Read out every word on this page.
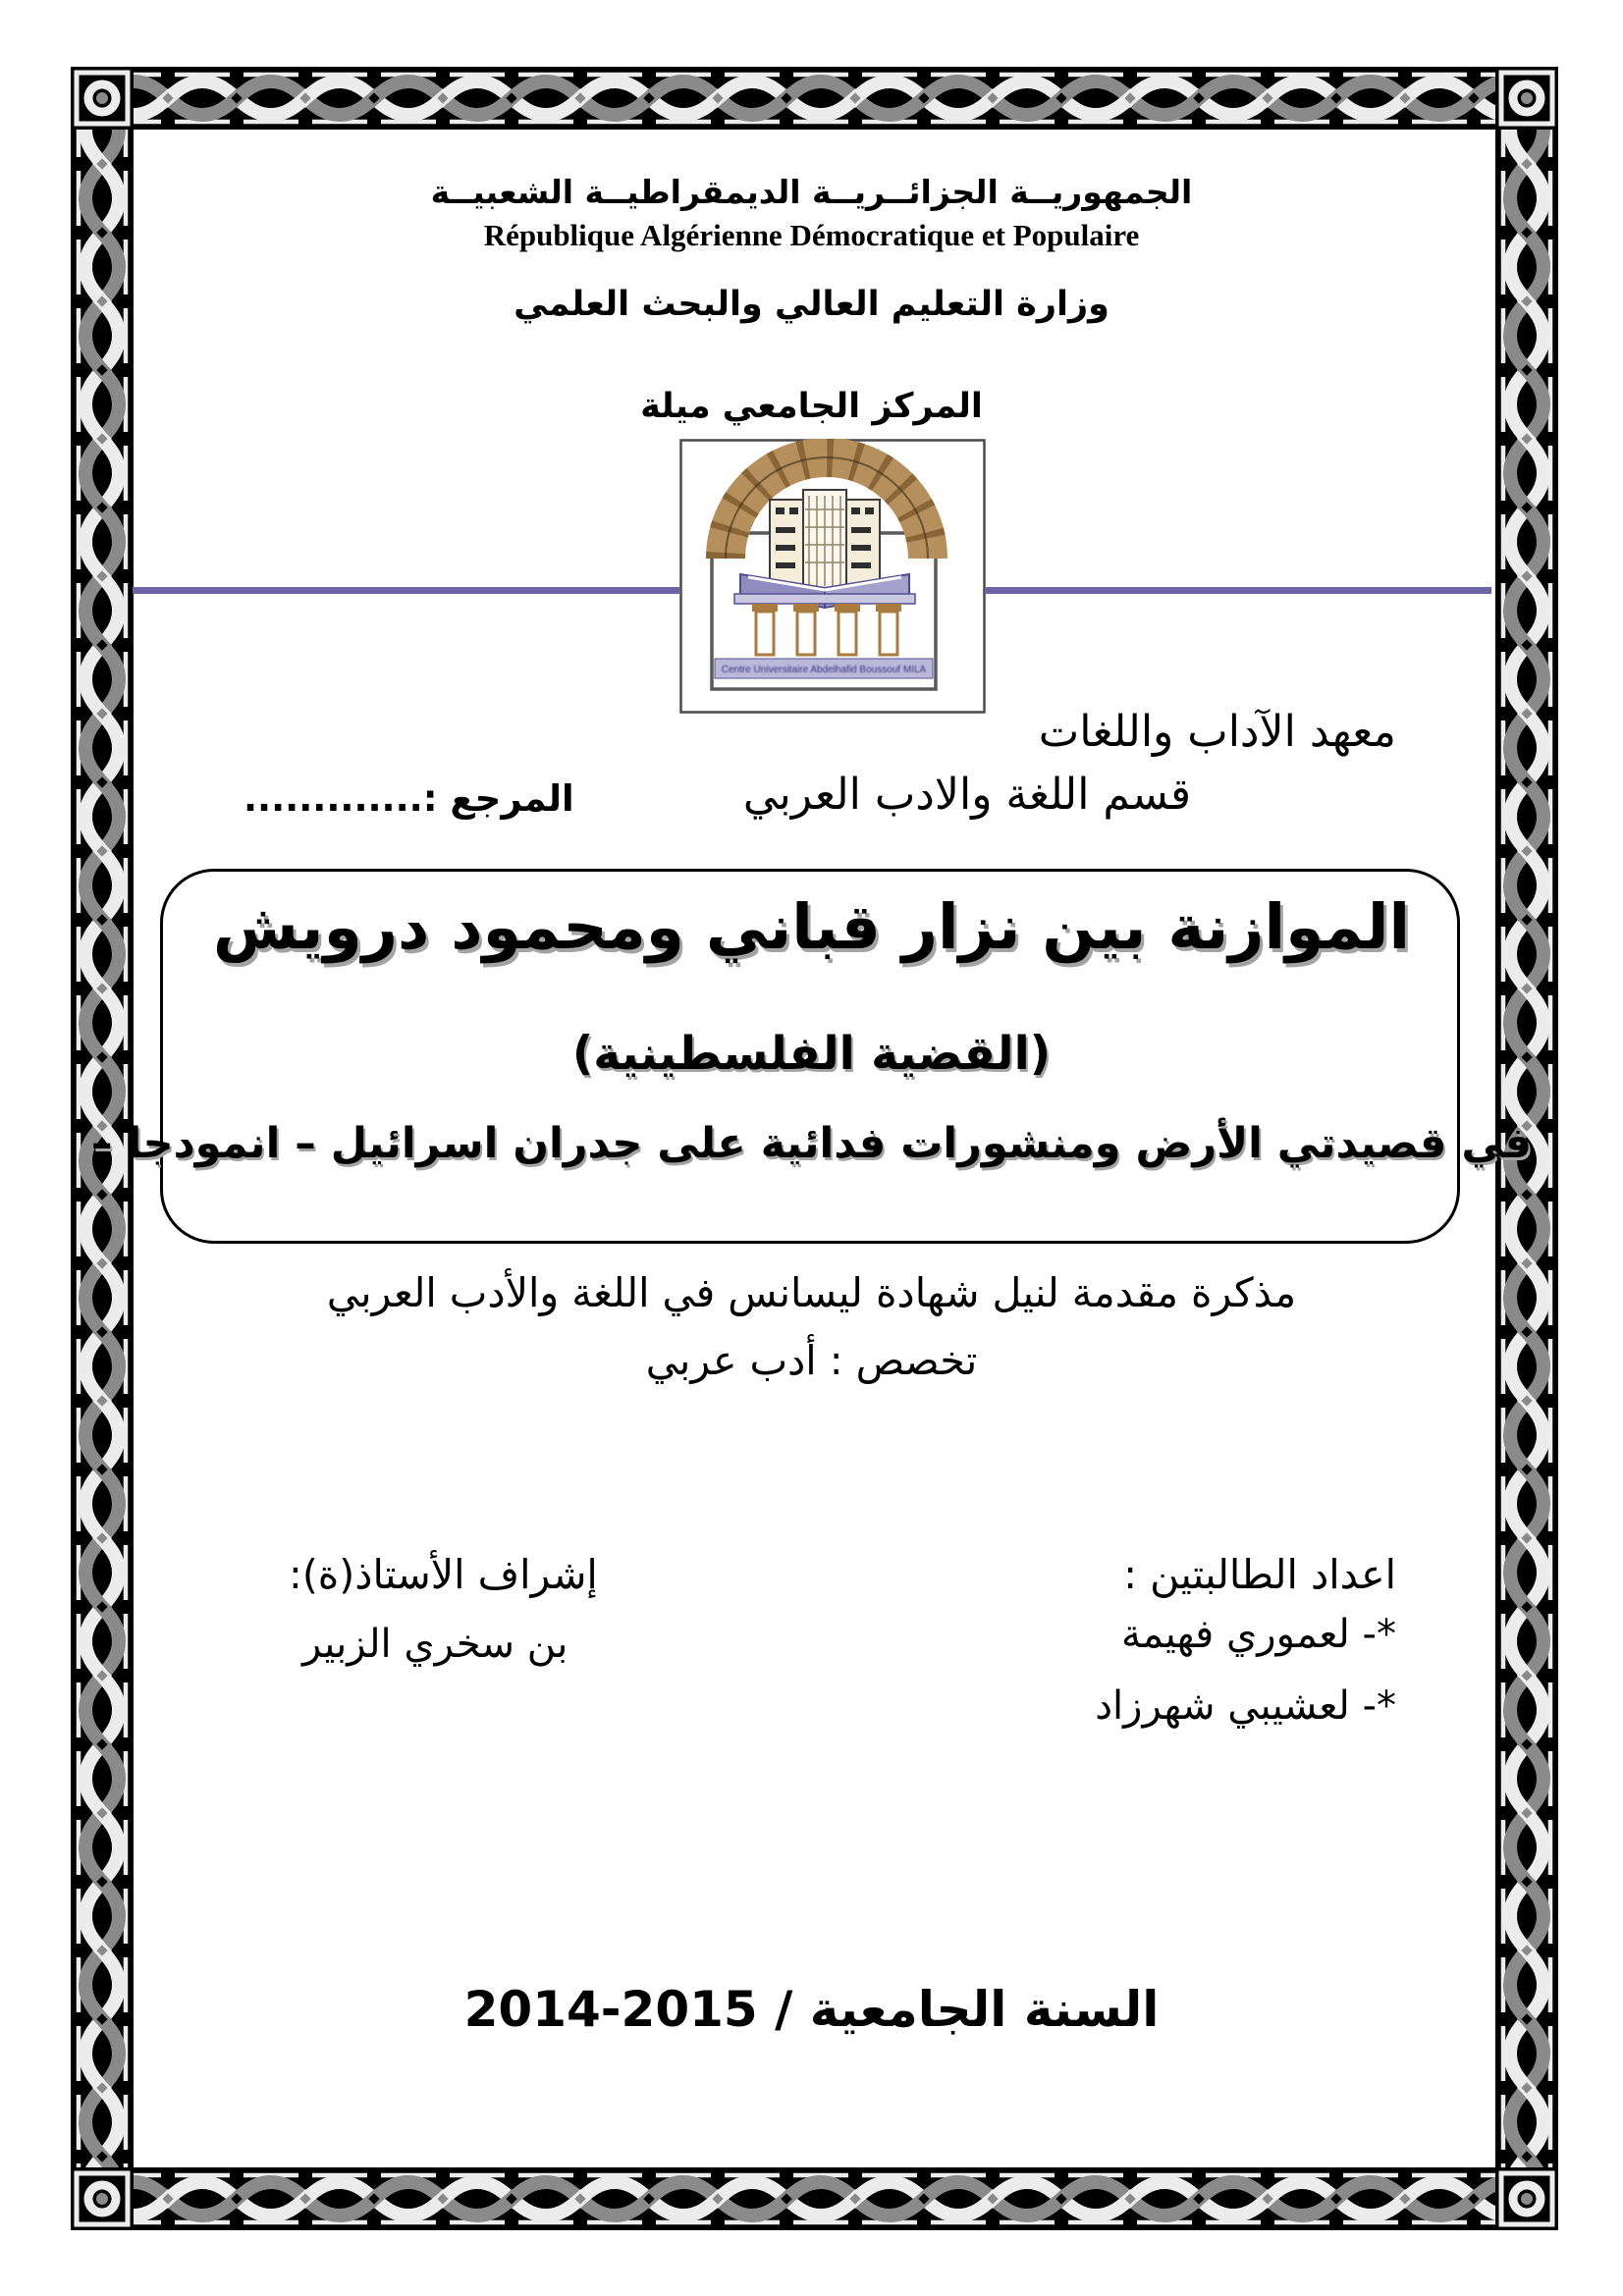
الجمهوريــة الجزائــريــة الديمقراطيــة الشعبيــة
République Algérienne Démocratique et Populaire
وزارة التعليم العالي والبحث العلمي
المركز الجامعي ميلة
Centre Universitaire Abdelhafid Boussouf MILA
معهد الآداب واللغات
قسم اللغة والادب العربي
المرجع :.............
الموازنة بين نزار قباني ومحمود درويش
(القضية الفلسطينية)
في قصيدتي الأرض ومنشورات فدائية على جدران اسرائيل – انمودجا –
مذكرة مقدمة لنيل شهادة ليسانس في اللغة والأدب العربي
تخصص : أدب عربي
اعداد الطالبتين :
*- لعموري فهيمة
*- لعشيبي شهرزاد
إشراف الأستاذ(ة):
بن سخري الزبير
السنة الجامعية / 2015-2014
